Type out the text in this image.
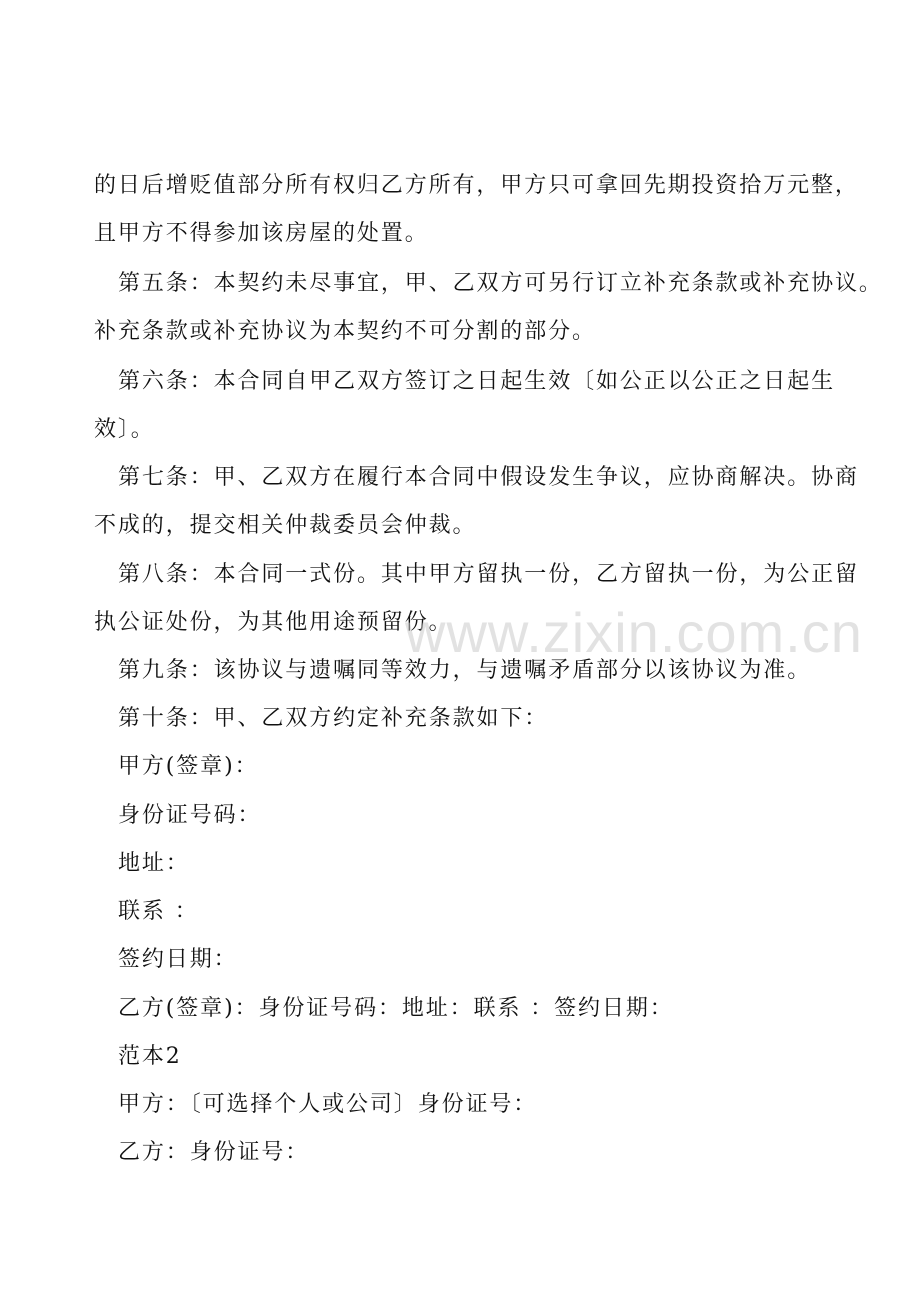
的日后增贬值部分所有权归乙方所有，甲方只可拿回先期投资拾万元整，
且甲方不得参加该房屋的处置。
第五条：本契约未尽事宜，甲、乙双方可另行订立补充条款或补充协议。
补充条款或补充协议为本契约不可分割的部分。
第六条：本合同自甲乙双方签订之日起生效〔如公正以公正之日起生
效〕。
第七条：甲、乙双方在履行本合同中假设发生争议，应协商解决。协商
不成的，提交相关仲裁委员会仲裁。
第八条：本合同一式份。其中甲方留执一份，乙方留执一份，为公正留
执公证处份，为其他用途预留份。
第九条：该协议与遗嘱同等效力，与遗嘱矛盾部分以该协议为准。
第十条：甲、乙双方约定补充条款如下：
甲方(签章)：
身份证号码：
地址：
联系 ：
签约日期：
乙方(签章)：身份证号码：地址：联系 ：签约日期：
范本2
甲方：〔可选择个人或公司〕身份证号：
乙方：身份证号：
www.zixin.com.cn
